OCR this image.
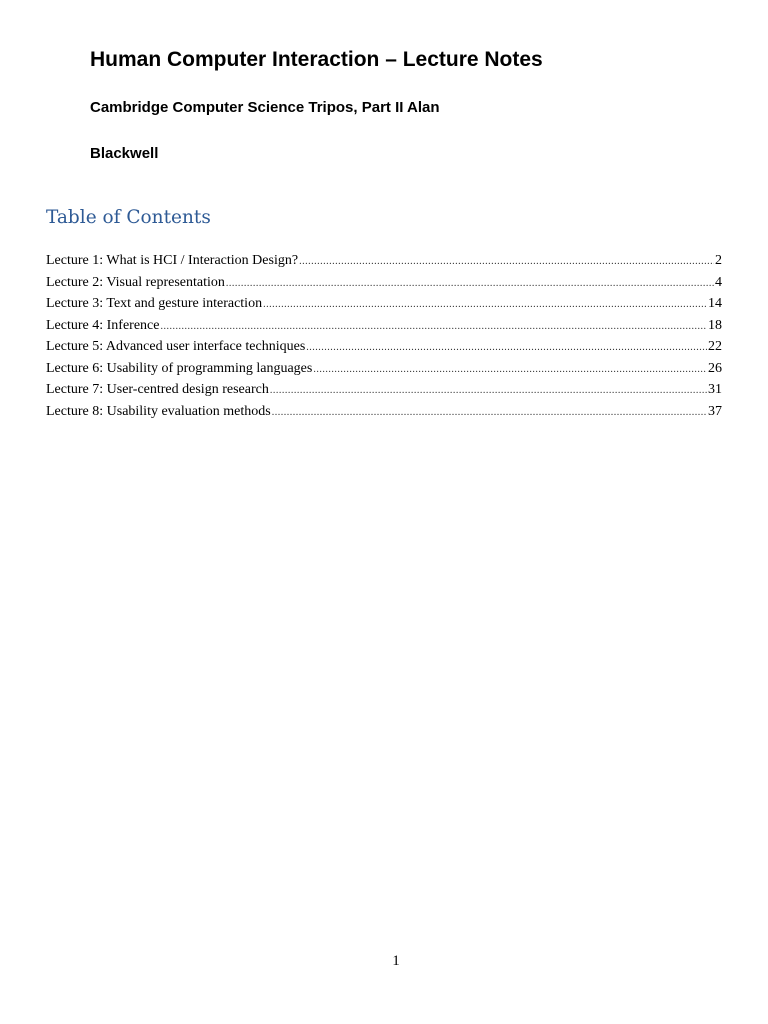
Human Computer Interaction – Lecture Notes

Cambridge Computer Science Tripos, Part II Alan

Blackwell

Table of Contents
Lecture 1: What is HCI / Interaction Design? .....	2
Lecture 2: Visual representation .....	4
Lecture 3: Text and gesture interaction .....	14
Lecture 4: Inference .....	18
Lecture 5: Advanced user interface techniques .....	22
Lecture 6: Usability of programming languages .....	26
Lecture 7: User-centred design research .....	31
Lecture 8: Usability evaluation methods .....	37
1
